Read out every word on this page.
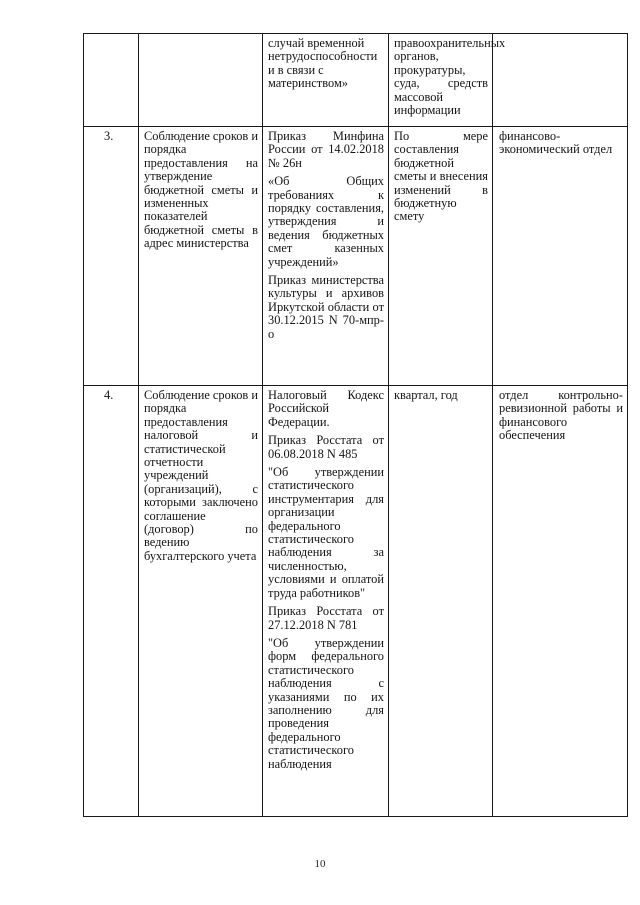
		случай временной нетрудоспособности и в связи с материнством»	правоохранительных органов, прокуратуры, суда, средств массовой информации	

3.	Соблюдение сроков и порядка предоставления на утверждение бюджетной сметы и измененных показателей бюджетной сметы в адрес министерства	Приказ Минфина России от 14.02.2018 № 26н

«Об Общих требованиях к порядку составления, утверждения и ведения бюджетных смет казенных учреждений»

Приказ министерства культуры и архивов Иркутской области от 30.12.2015 N 70-мпр-о	По мере составления бюджетной сметы и внесения изменений в бюджетную смету	финансово-экономический отдел

4.	Соблюдение сроков и порядка предоставления налоговой и статистической отчетности учреждений (организаций), с которыми заключено соглашение (договор) по ведению бухгалтерского учета	Налоговый Кодекс Российской Федерации.

Приказ Росстата от 06.08.2018 N 485

"Об утверждении статистического инструментария для организации федерального статистического наблюдения за численностью, условиями и оплатой труда работников"

Приказ Росстата от 27.12.2018 N 781

"Об утверждении форм федерального статистического наблюдения с указаниями по их заполнению для проведения федерального статистического наблюдения	квартал, год	отдел контрольно-ревизионной работы и финансового обеспечения
10
